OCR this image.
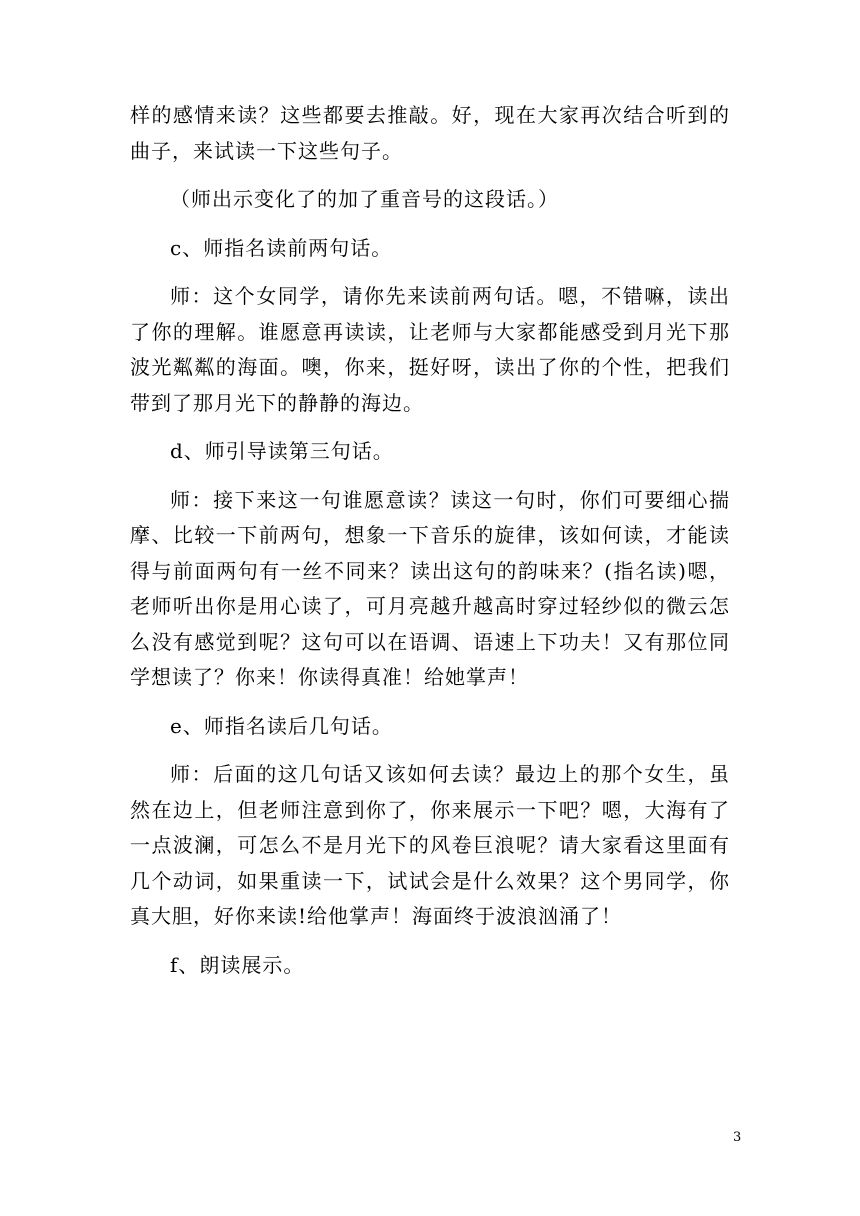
样的感情来读？这些都要去推敲。好，现在大家再次结合听到的曲子，来试读一下这些句子。

（师出示变化了的加了重音号的这段话。）

c、师指名读前两句话。

师：这个女同学，请你先来读前两句话。嗯，不错嘛，读出了你的理解。谁愿意再读读，让老师与大家都能感受到月光下那波光粼粼的海面。噢，你来，挺好呀，读出了你的个性，把我们带到了那月光下的静静的海边。

d、师引导读第三句话。

师：接下来这一句谁愿意读？读这一句时，你们可要细心揣摩、比较一下前两句，想象一下音乐的旋律，该如何读，才能读得与前面两句有一丝不同来？读出这句的韵味来？(指名读)嗯，老师听出你是用心读了，可月亮越升越高时穿过轻纱似的微云怎么没有感觉到呢？这句可以在语调、语速上下功夫！又有那位同学想读了？你来！你读得真准！给她掌声！

e、师指名读后几句话。

师：后面的这几句话又该如何去读？最边上的那个女生，虽然在边上，但老师注意到你了，你来展示一下吧？嗯，大海有了一点波澜，可怎么不是月光下的风卷巨浪呢？请大家看这里面有几个动词，如果重读一下，试试会是什么效果？这个男同学，你真大胆，好你来读!给他掌声！海面终于波浪汹涌了！

f、朗读展示。

3
